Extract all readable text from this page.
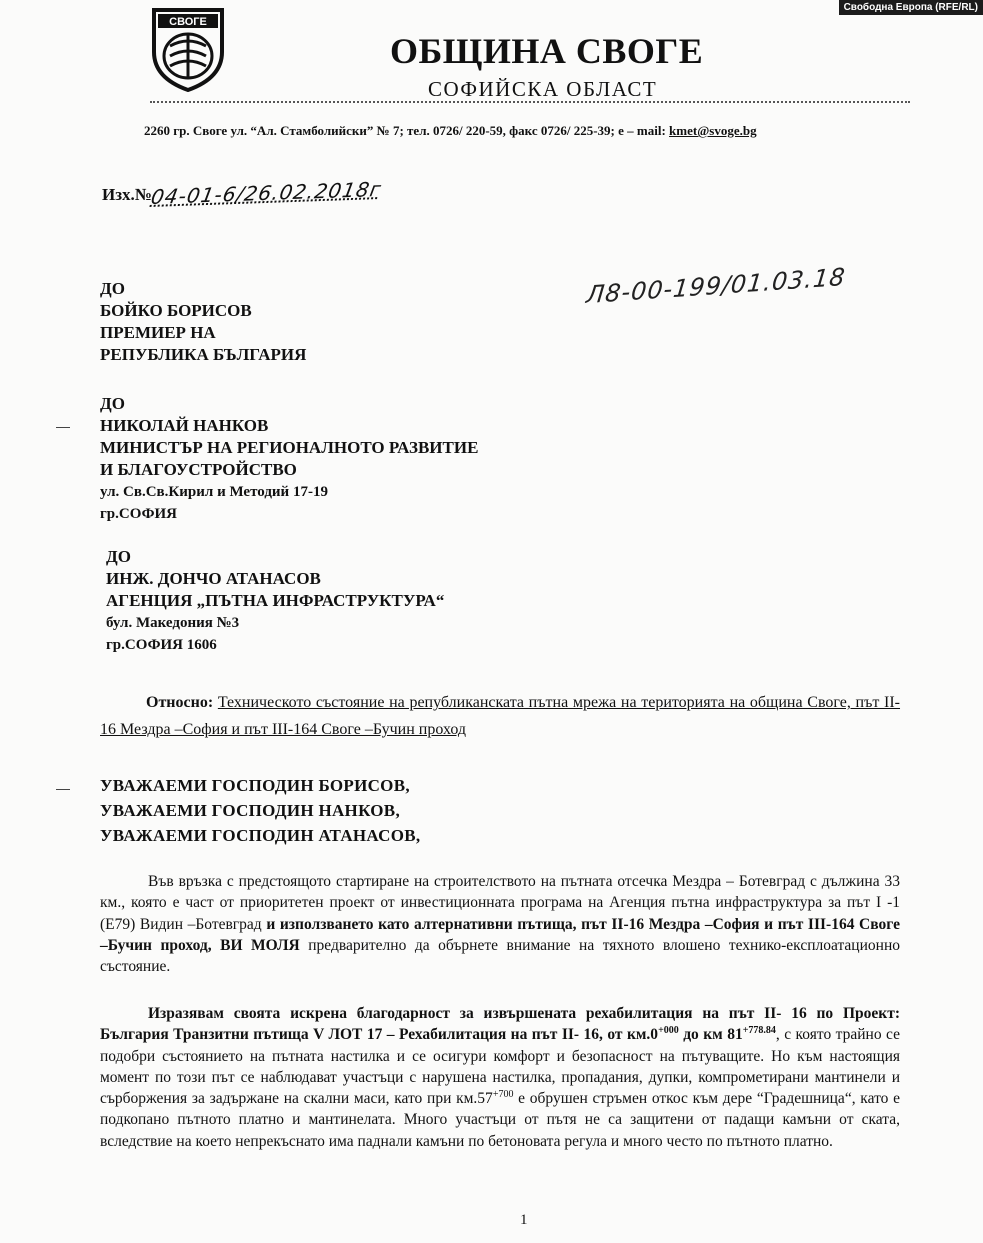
Свободна Европа (RFE/RL)
СВОГЕ
ОБЩИНА СВОГЕ
СОФИЙСКА ОБЛАСТ
2260 гр. Своге ул. “Ал. Стамболийски” № 7; тел. 0726/ 220-59, факс 0726/ 225-39; е – mail: kmet@svoge.bg
Изх.№04-01-6/26.02.2018г
Л8-00-199/01.03.18
ДО
БОЙКО БОРИСОВ
ПРЕМИЕР НА
РЕПУБЛИКА БЪЛГАРИЯ
ДО
НИКОЛАЙ НАНКОВ
МИНИСТЪР НА РЕГИОНАЛНОТО РАЗВИТИЕ
И БЛАГОУСТРОЙСТВО
ул. Св.Св.Кирил и Методий 17-19
гр.СОФИЯ
ДО
ИНЖ. ДОНЧО АТАНАСОВ
АГЕНЦИЯ „ПЪТНА ИНФРАСТРУКТУРА“
бул. Македония №3
гр.СОФИЯ 1606
Относно: Техническото състояние на републиканската пътна мрежа на територията на община Своге, път II-16 Мездра –София и път III-164 Своге –Бучин проход
УВАЖАЕМИ ГОСПОДИН БОРИСОВ,
УВАЖАЕМИ ГОСПОДИН НАНКОВ,
УВАЖАЕМИ ГОСПОДИН АТАНАСОВ,

Във връзка с предстоящото стартиране на строителството на пътната отсечка Мездра – Ботевград с дължина 33 км., която е част от приоритетен проект от инвестиционната програма на Агенция пътна инфраструктура за път I -1 (Е79) Видин –Ботевград и използването като алтернативни пътища, път II-16 Мездра –София и път III-164 Своге –Бучин проход, ВИ МОЛЯ предварително да обърнете внимание на тяхното влошено технико-експлоатационно състояние.

Изразявам своята искрена благодарност за извършената рехабилитация на път II- 16 по Проект: България Транзитни пътища V ЛОТ 17 – Рехабилитация на път II- 16, от $км.0^{+000}$ до км $81^{+778.84}$, с която трайно се подобри състоянието на пътната настилка и се осигури комфорт и безопасност на пътуващите. Но към настоящия момент по този път се наблюдават участъци с нарушена настилка, пропадания, дупки, компрометирани мантинели и сърборжения за задържане на скални маси, като при $км.57^{+700}$ е обрушен стръмен откос към дере “Градешница“, като е подкопано пътното платно и мантинелата. Много участъци от пътя не са защитени от падащи камъни от ската, вследствие на което непрекъснато има паднали камъни по бетоновата регула и много често по пътното платно.

1
